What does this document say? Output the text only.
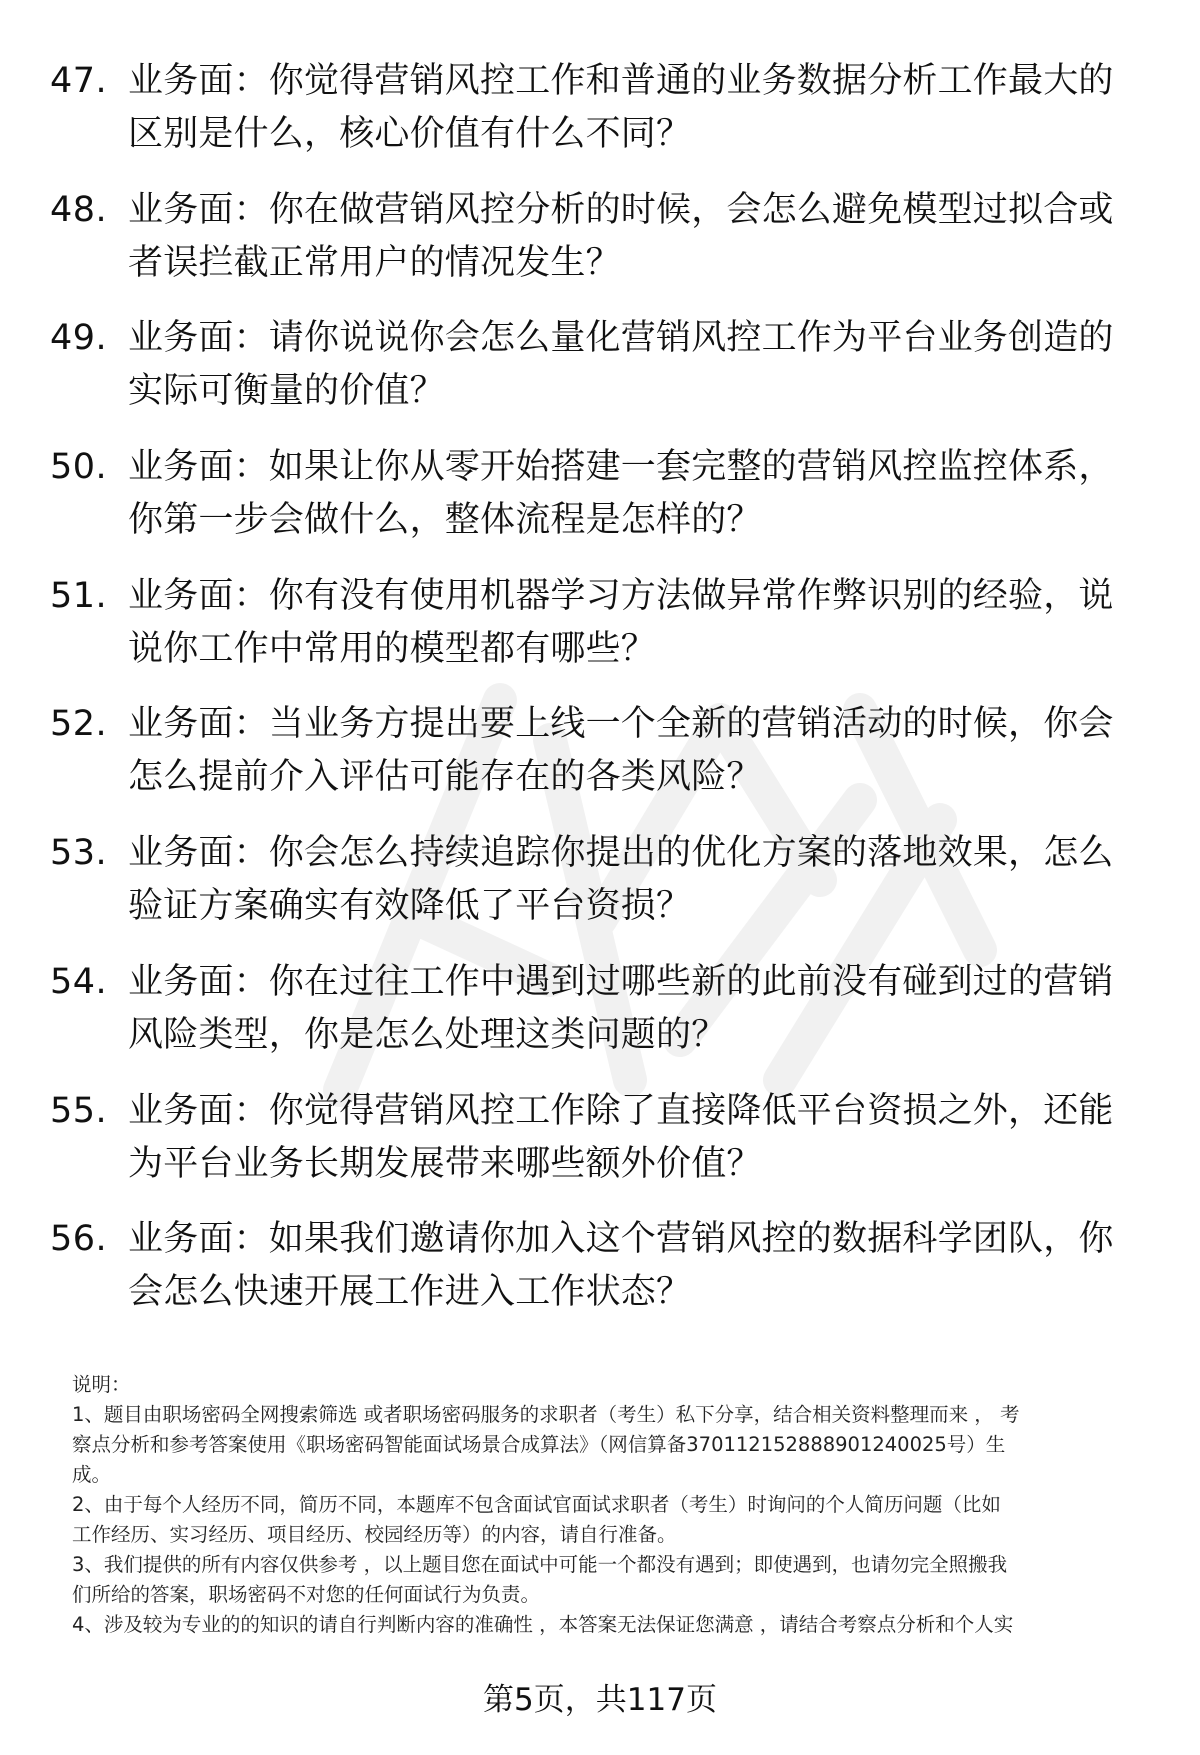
47. 业务面：你觉得营销风控工作和普通的业务数据分析工作最大的
区别是什么，核心价值有什么不同？
48. 业务面：你在做营销风控分析的时候，会怎么避免模型过拟合或
者误拦截正常用户的情况发生？
49. 业务面：请你说说你会怎么量化营销风控工作为平台业务创造的
实际可衡量的价值？
50. 业务面：如果让你从零开始搭建一套完整的营销风控监控体系，
你第一步会做什么，整体流程是怎样的？
51. 业务面：你有没有使用机器学习方法做异常作弊识别的经验，说
说你工作中常用的模型都有哪些？
52. 业务面：当业务方提出要上线一个全新的营销活动的时候，你会
怎么提前介入评估可能存在的各类风险？
53. 业务面：你会怎么持续追踪你提出的优化方案的落地效果，怎么
验证方案确实有效降低了平台资损？
54. 业务面：你在过往工作中遇到过哪些新的此前没有碰到过的营销
风险类型，你是怎么处理这类问题的？
55. 业务面：你觉得营销风控工作除了直接降低平台资损之外，还能
为平台业务长期发展带来哪些额外价值？
56. 业务面：如果我们邀请你加入这个营销风控的数据科学团队，你
会怎么快速开展工作进入工作状态？
说明：
1、题目由职场密码全网搜索筛选 或者职场密码服务的求职者（考生）私下分享，结合相关资料整理而来 ， 考
察点分析和参考答案使用《职场密码智能面试场景合成算法》（网信算备370112152888901240025号）生
成。
2、由于每个人经历不同，简历不同，本题库不包含面试官面试求职者（考生）时询问的个人简历问题（比如
工作经历、实习经历、项目经历、校园经历等）的内容，请自行准备。
3、我们提供的所有内容仅供参考 ，以上题目您在面试中可能一个都没有遇到；即使遇到，也请勿完全照搬我
们所给的答案，职场密码不对您的任何面试行为负责。
4、涉及较为专业的的知识的请自行判断内容的准确性 ，本答案无法保证您满意 ，请结合考察点分析和个人实
第5页，共117页
